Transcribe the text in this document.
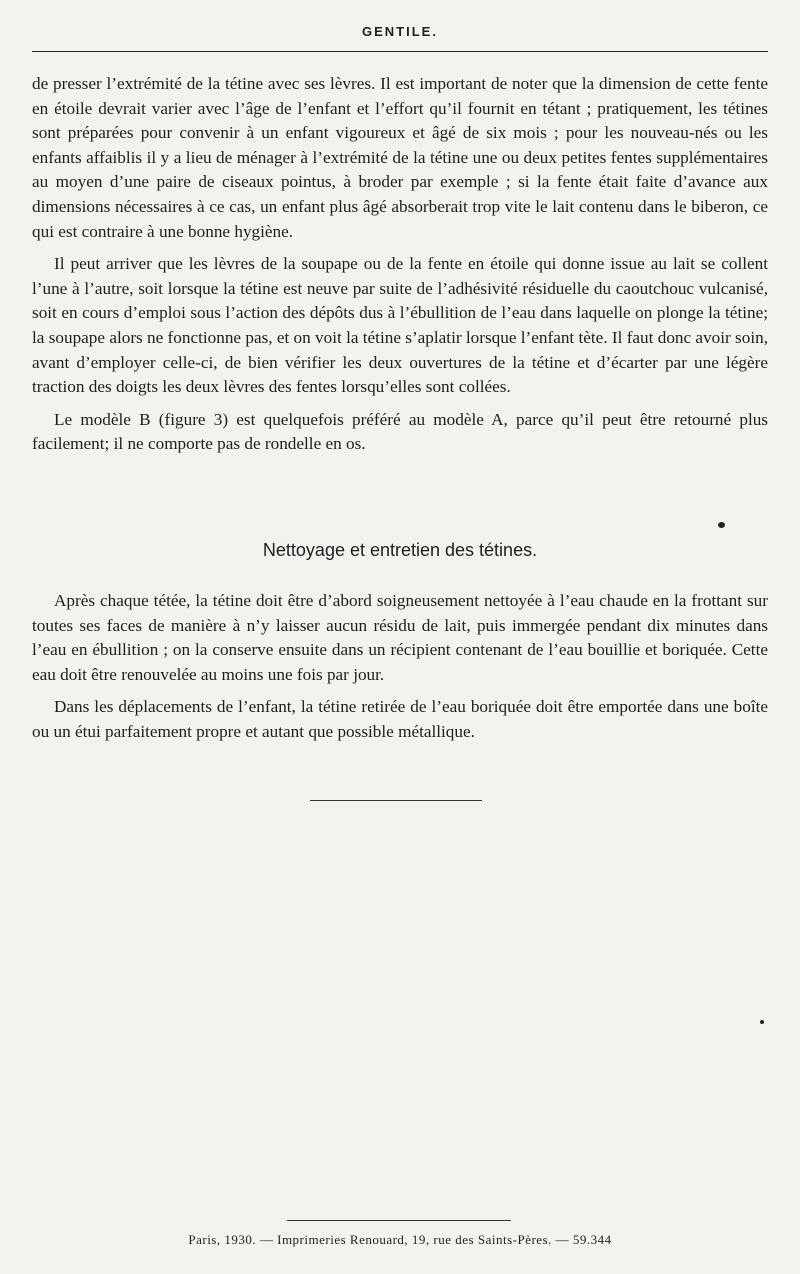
GENTILE.

de presser l’extrémité de la tétine avec ses lèvres. Il est important de noter que la dimension de cette fente en étoile devrait varier avec l’âge de l’enfant et l’effort qu’il fournit en tétant ; pratiquement, les tétines sont préparées pour convenir à un enfant vigoureux et âgé de six mois ; pour les nouveau-nés ou les enfants affaiblis il y a lieu de ménager à l’extrémité de la tétine une ou deux petites fentes supplémentaires au moyen d’une paire de ciseaux pointus, à broder par exemple ; si la fente était faite d’avance aux dimensions nécessaires à ce cas, un enfant plus âgé absorberait trop vite le lait contenu dans le biberon, ce qui est contraire à une bonne hygiène.

Il peut arriver que les lèvres de la soupape ou de la fente en étoile qui donne issue au lait se collent l’une à l’autre, soit lorsque la tétine est neuve par suite de l’adhésivité résiduelle du caoutchouc vulcanisé, soit en cours d’emploi sous l’action des dépôts dus à l’ébullition de l’eau dans laquelle on plonge la tétine; la soupape alors ne fonctionne pas, et on voit la tétine s’aplatir lorsque l’enfant tète. Il faut donc avoir soin, avant d’employer celle-ci, de bien vérifier les deux ouvertures de la tétine et d’écarter par une légère traction des doigts les deux lèvres des fentes lorsqu’elles sont collées.

Le modèle B (figure 3) est quelquefois préféré au modèle A, parce qu’il peut être retourné plus facilement; il ne comporte pas de rondelle en os.

Nettoyage et entretien des tétines.

Après chaque tétée, la tétine doit être d’abord soigneusement nettoyée à l’eau chaude en la frottant sur toutes ses faces de manière à n’y laisser aucun résidu de lait, puis immergée pendant dix minutes dans l’eau en ébullition ; on la conserve ensuite dans un récipient contenant de l’eau bouillie et boriquée. Cette eau doit être renouvelée au moins une fois par jour.

Dans les déplacements de l’enfant, la tétine retirée de l’eau boriquée doit être emportée dans une boîte ou un étui parfaitement propre et autant que possible métallique.

Paris, 1930. — Imprimeries Renouard, 19, rue des Saints-Pères. — 59.344
